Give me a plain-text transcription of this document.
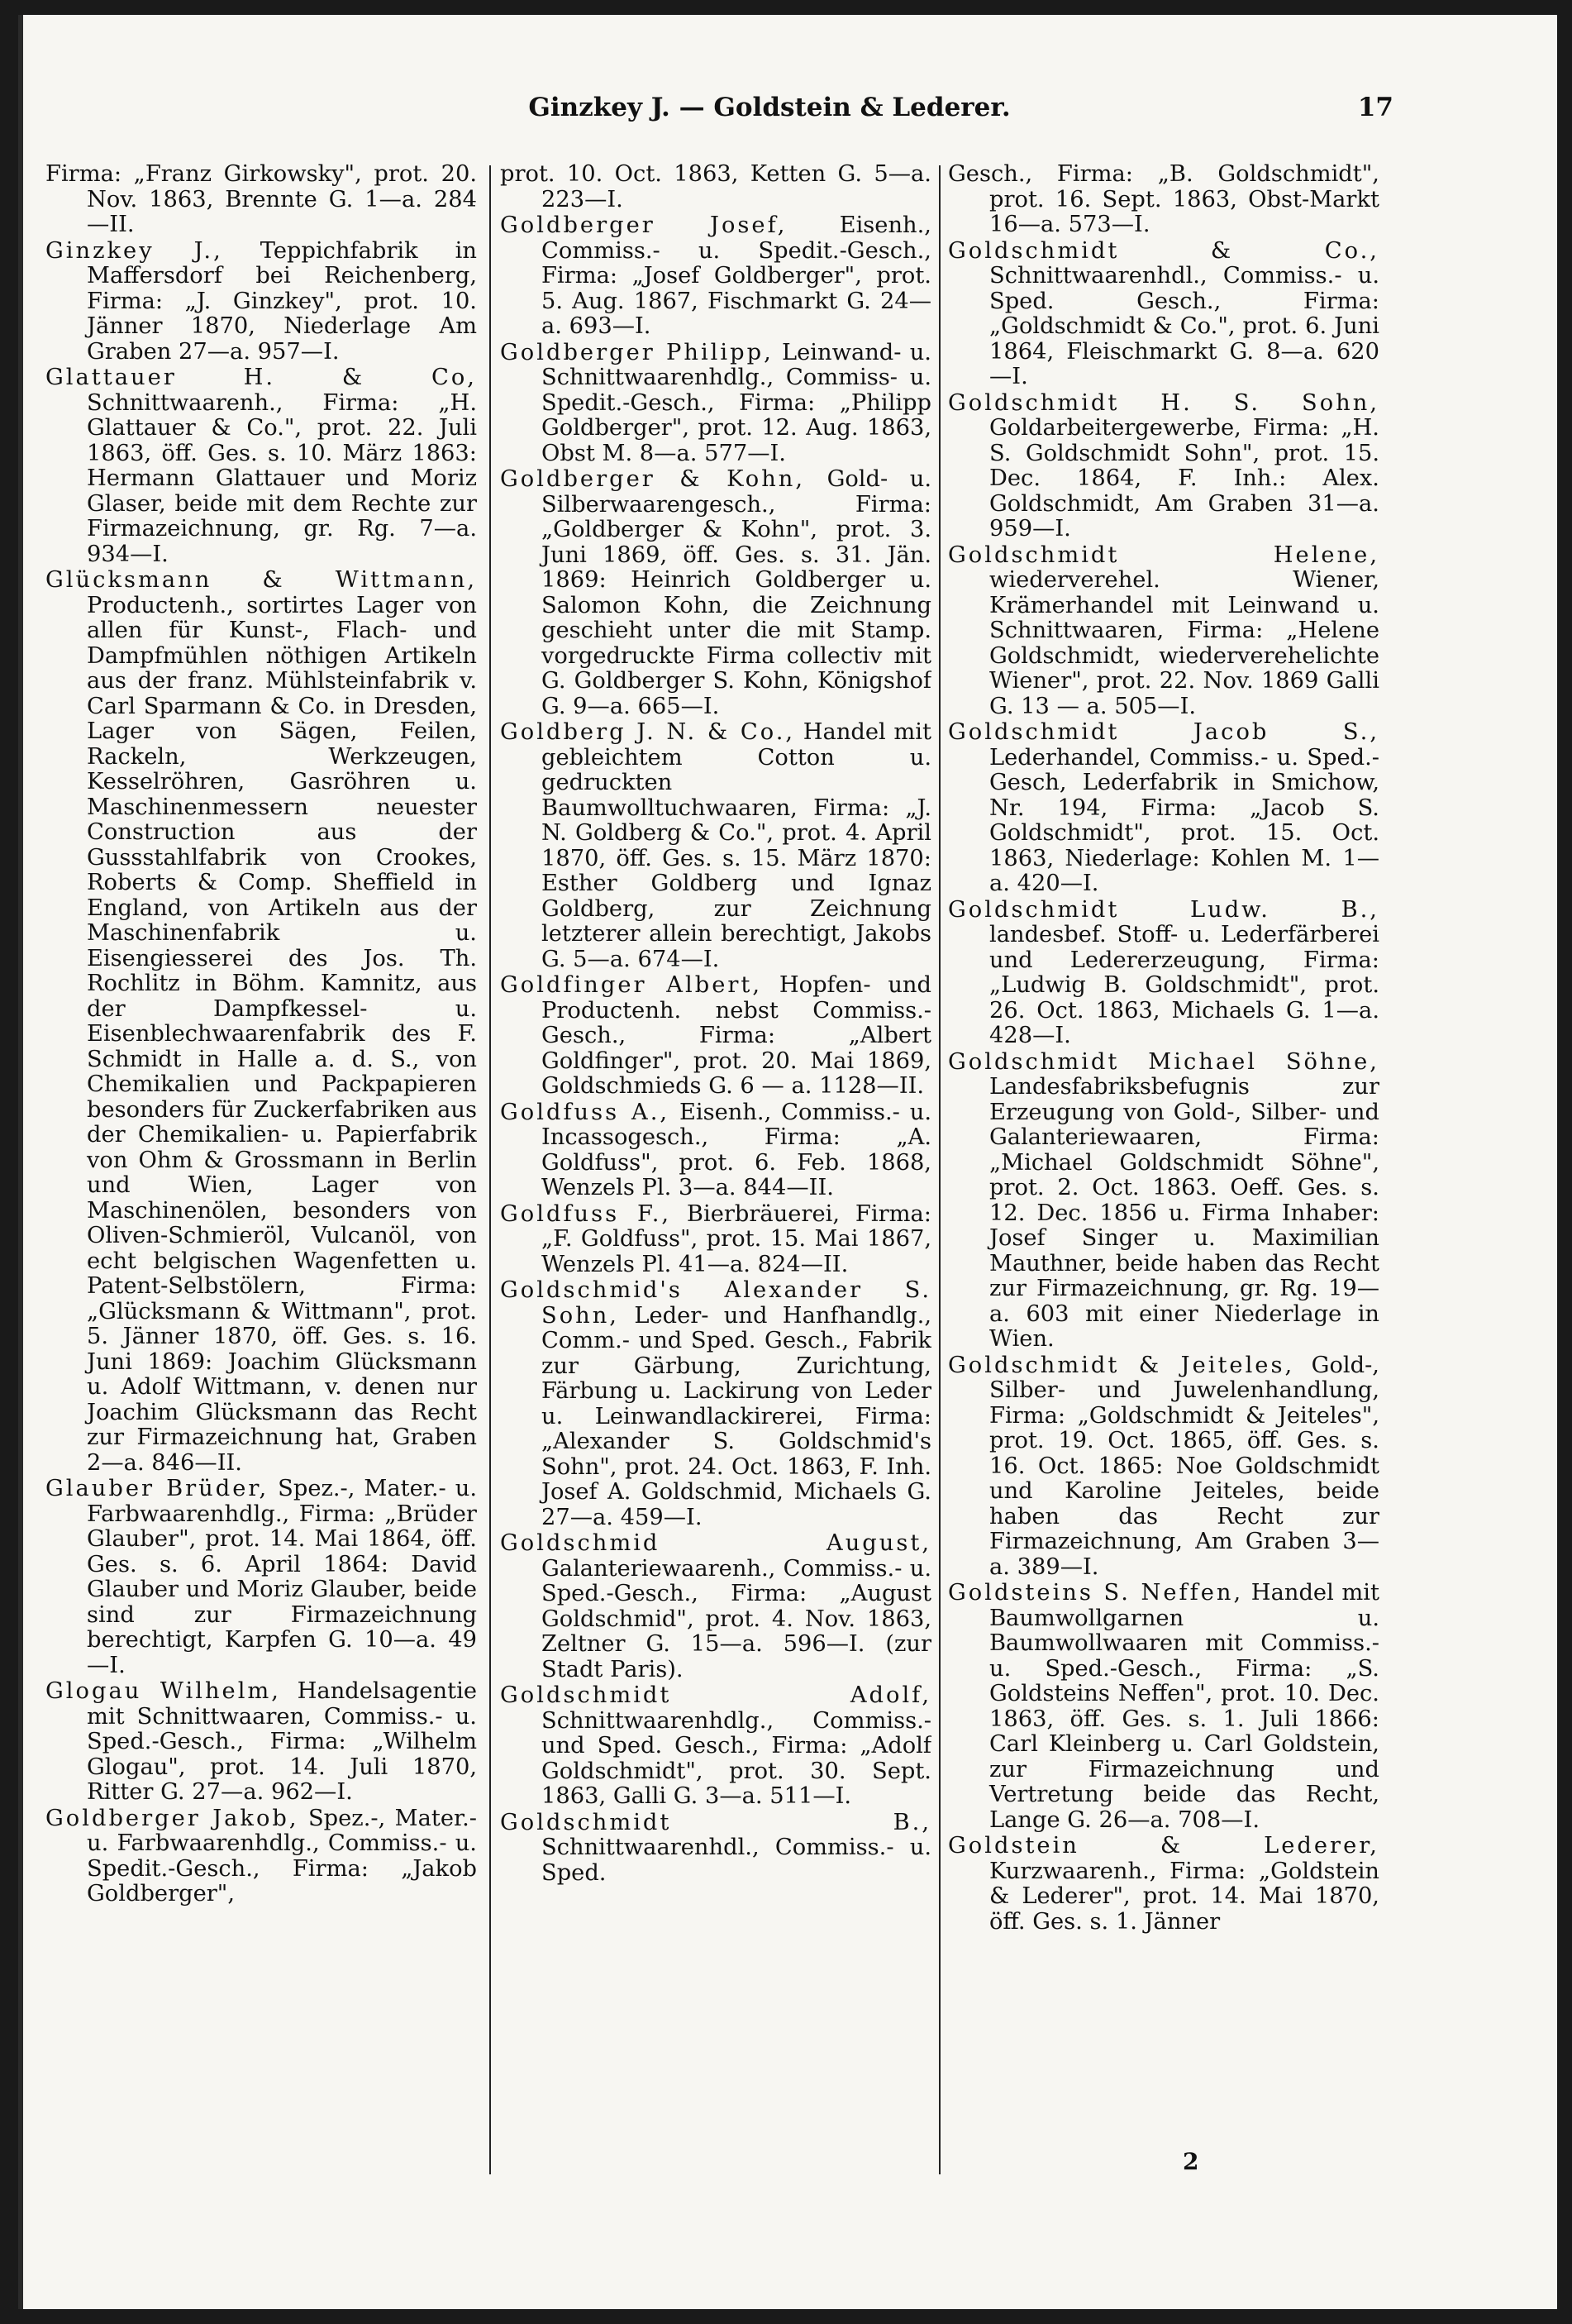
Ginzkey J. — Goldstein & Lederer.	17

Firma: „Franz Girkowsky", prot. 20. Nov. 1863, Brennte G. 1—a. 284—II.

Ginzkey J., Teppichfabrik in Maffersdorf bei Reichenberg, Firma: „J. Ginzkey", prot. 10. Jänner 1870, Niederlage Am Graben 27—a. 957—I.

Glattauer H. & Co, Schnittwaarenh., Firma: „H. Glattauer & Co.", prot. 22. Juli 1863, öff. Ges. s. 10. März 1863: Hermann Glattauer und Moriz Glaser, beide mit dem Rechte zur Firmazeichnung, gr. Rg. 7—a. 934—I.

Glücksmann & Wittmann, Productenh., sortirtes Lager von allen für Kunst-, Flach- und Dampfmühlen nöthigen Artikeln aus der franz. Mühlsteinfabrik v. Carl Sparmann & Co. in Dresden, Lager von Sägen, Feilen, Rackeln, Werkzeugen, Kesselröhren, Gasröhren u. Maschinenmessern neuester Construction aus der Gussstahlfabrik von Crookes, Roberts & Comp. Sheffield in England, von Artikeln aus der Maschinenfabrik u. Eisengiesserei des Jos. Th. Rochlitz in Böhm. Kamnitz, aus der Dampfkessel- u. Eisenblechwaarenfabrik des F. Schmidt in Halle a. d. S., von Chemikalien und Packpapieren besonders für Zuckerfabriken aus der Chemikalien- u. Papierfabrik von Ohm & Grossmann in Berlin und Wien, Lager von Maschinenölen, besonders von Oliven-Schmieröl, Vulcanöl, von echt belgischen Wagenfetten u. Patent-Selbstölern, Firma: „Glücksmann & Wittmann", prot. 5. Jänner 1870, öff. Ges. s. 16. Juni 1869: Joachim Glücksmann u. Adolf Wittmann, v. denen nur Joachim Glücksmann das Recht zur Firmazeichnung hat, Graben 2—a. 846—II.

Glauber Brüder, Spez.-, Mater.- u. Farbwaarenhdlg., Firma: „Brüder Glauber", prot. 14. Mai 1864, öff. Ges. s. 6. April 1864: David Glauber und Moriz Glauber, beide sind zur Firmazeichnung berechtigt, Karpfen G. 10—a. 49—I.

Glogau Wilhelm, Handelsagentie mit Schnittwaaren, Commiss.- u. Sped.-Gesch., Firma: „Wilhelm Glogau", prot. 14. Juli 1870, Ritter G. 27—a. 962—I.

Goldberger Jakob, Spez.-, Mater.- u. Farbwaarenhdlg., Commiss.- u. Spedit.-Gesch., Firma: „Jakob Goldberger",

prot. 10. Oct. 1863, Ketten G. 5—a. 223—I.

Goldberger Josef, Eisenh., Commiss.- u. Spedit.-Gesch., Firma: „Josef Goldberger", prot. 5. Aug. 1867, Fischmarkt G. 24—a. 693—I.

Goldberger Philipp, Leinwand- u. Schnittwaarenhdlg., Commiss- u. Spedit.-Gesch., Firma: „Philipp Goldberger", prot. 12. Aug. 1863, Obst M. 8—a. 577—I.

Goldberger & Kohn, Gold- u. Silberwaarengesch., Firma: „Goldberger & Kohn", prot. 3. Juni 1869, öff. Ges. s. 31. Jän. 1869: Heinrich Goldberger u. Salomon Kohn, die Zeichnung geschieht unter die mit Stamp. vorgedruckte Firma collectiv mit G. Goldberger S. Kohn, Königshof G. 9—a. 665—I.

Goldberg J. N. & Co., Handel mit gebleichtem Cotton u. gedruckten Baumwolltuchwaaren, Firma: „J. N. Goldberg & Co.", prot. 4. April 1870, öff. Ges. s. 15. März 1870: Esther Goldberg und Ignaz Goldberg, zur Zeichnung letzterer allein berechtigt, Jakobs G. 5—a. 674—I.

Goldfinger Albert, Hopfen- und Productenh. nebst Commiss.-Gesch., Firma: „Albert Goldfinger", prot. 20. Mai 1869, Goldschmieds G. 6 — a. 1128—II.

Goldfuss A., Eisenh., Commiss.- u. Incassogesch., Firma: „A. Goldfuss", prot. 6. Feb. 1868, Wenzels Pl. 3—a. 844—II.

Goldfuss F., Bierbräuerei, Firma: „F. Goldfuss", prot. 15. Mai 1867, Wenzels Pl. 41—a. 824—II.

Goldschmid's Alexander S. Sohn, Leder- und Hanfhandlg., Comm.- und Sped. Gesch., Fabrik zur Gärbung, Zurichtung, Färbung u. Lackirung von Leder u. Leinwandlackirerei, Firma: „Alexander S. Goldschmid's Sohn", prot. 24. Oct. 1863, F. Inh. Josef A. Goldschmid, Michaels G. 27—a. 459—I.

Goldschmid August, Galanteriewaarenh., Commiss.- u. Sped.-Gesch., Firma: „August Goldschmid", prot. 4. Nov. 1863, Zeltner G. 15—a. 596—I. (zur Stadt Paris).

Goldschmidt Adolf, Schnittwaarenhdlg., Commiss.- und Sped. Gesch., Firma: „Adolf Goldschmidt", prot. 30. Sept. 1863, Galli G. 3—a. 511—I.

Goldschmidt B., Schnittwaarenhdl., Commiss.- u. Sped.

Gesch., Firma: „B. Goldschmidt", prot. 16. Sept. 1863, Obst-Markt 16—a. 573—I.

Goldschmidt & Co., Schnittwaarenhdl., Commiss.- u. Sped. Gesch., Firma: „Goldschmidt & Co.", prot. 6. Juni 1864, Fleischmarkt G. 8—a. 620—I.

Goldschmidt H. S. Sohn, Goldarbeitergewerbe, Firma: „H. S. Goldschmidt Sohn", prot. 15. Dec. 1864, F. Inh.: Alex. Goldschmidt, Am Graben 31—a. 959—I.

Goldschmidt Helene, wiederverehel. Wiener, Krämerhandel mit Leinwand u. Schnittwaaren, Firma: „Helene Goldschmidt, wiederverehelichte Wiener", prot. 22. Nov. 1869 Galli G. 13 — a. 505—I.

Goldschmidt Jacob S., Lederhandel, Commiss.- u. Sped.-Gesch, Lederfabrik in Smichow, Nr. 194, Firma: „Jacob S. Goldschmidt", prot. 15. Oct. 1863, Niederlage: Kohlen M. 1—a. 420—I.

Goldschmidt Ludw. B., landesbef. Stoff- u. Lederfärberei und Ledererzeugung, Firma: „Ludwig B. Goldschmidt", prot. 26. Oct. 1863, Michaels G. 1—a. 428—I.

Goldschmidt Michael Söhne, Landesfabriksbefugnis zur Erzeugung von Gold-, Silber- und Galanteriewaaren, Firma: „Michael Goldschmidt Söhne", prot. 2. Oct. 1863. Oeff. Ges. s. 12. Dec. 1856 u. Firma Inhaber: Josef Singer u. Maximilian Mauthner, beide haben das Recht zur Firmazeichnung, gr. Rg. 19—a. 603 mit einer Niederlage in Wien.

Goldschmidt & Jeiteles, Gold-, Silber- und Juwelenhandlung, Firma: „Goldschmidt & Jeiteles", prot. 19. Oct. 1865, öff. Ges. s. 16. Oct. 1865: Noe Goldschmidt und Karoline Jeiteles, beide haben das Recht zur Firmazeichnung, Am Graben 3—a. 389—I.

Goldsteins S. Neffen, Handel mit Baumwollgarnen u. Baumwollwaaren mit Commiss.- u. Sped.-Gesch., Firma: „S. Goldsteins Neffen", prot. 10. Dec. 1863, öff. Ges. s. 1. Juli 1866: Carl Kleinberg u. Carl Goldstein, zur Firmazeichnung und Vertretung beide das Recht, Lange G. 26—a. 708—I.

Goldstein & Lederer, Kurzwaarenh., Firma: „Goldstein & Lederer", prot. 14. Mai 1870, öff. Ges. s. 1. Jänner

2
